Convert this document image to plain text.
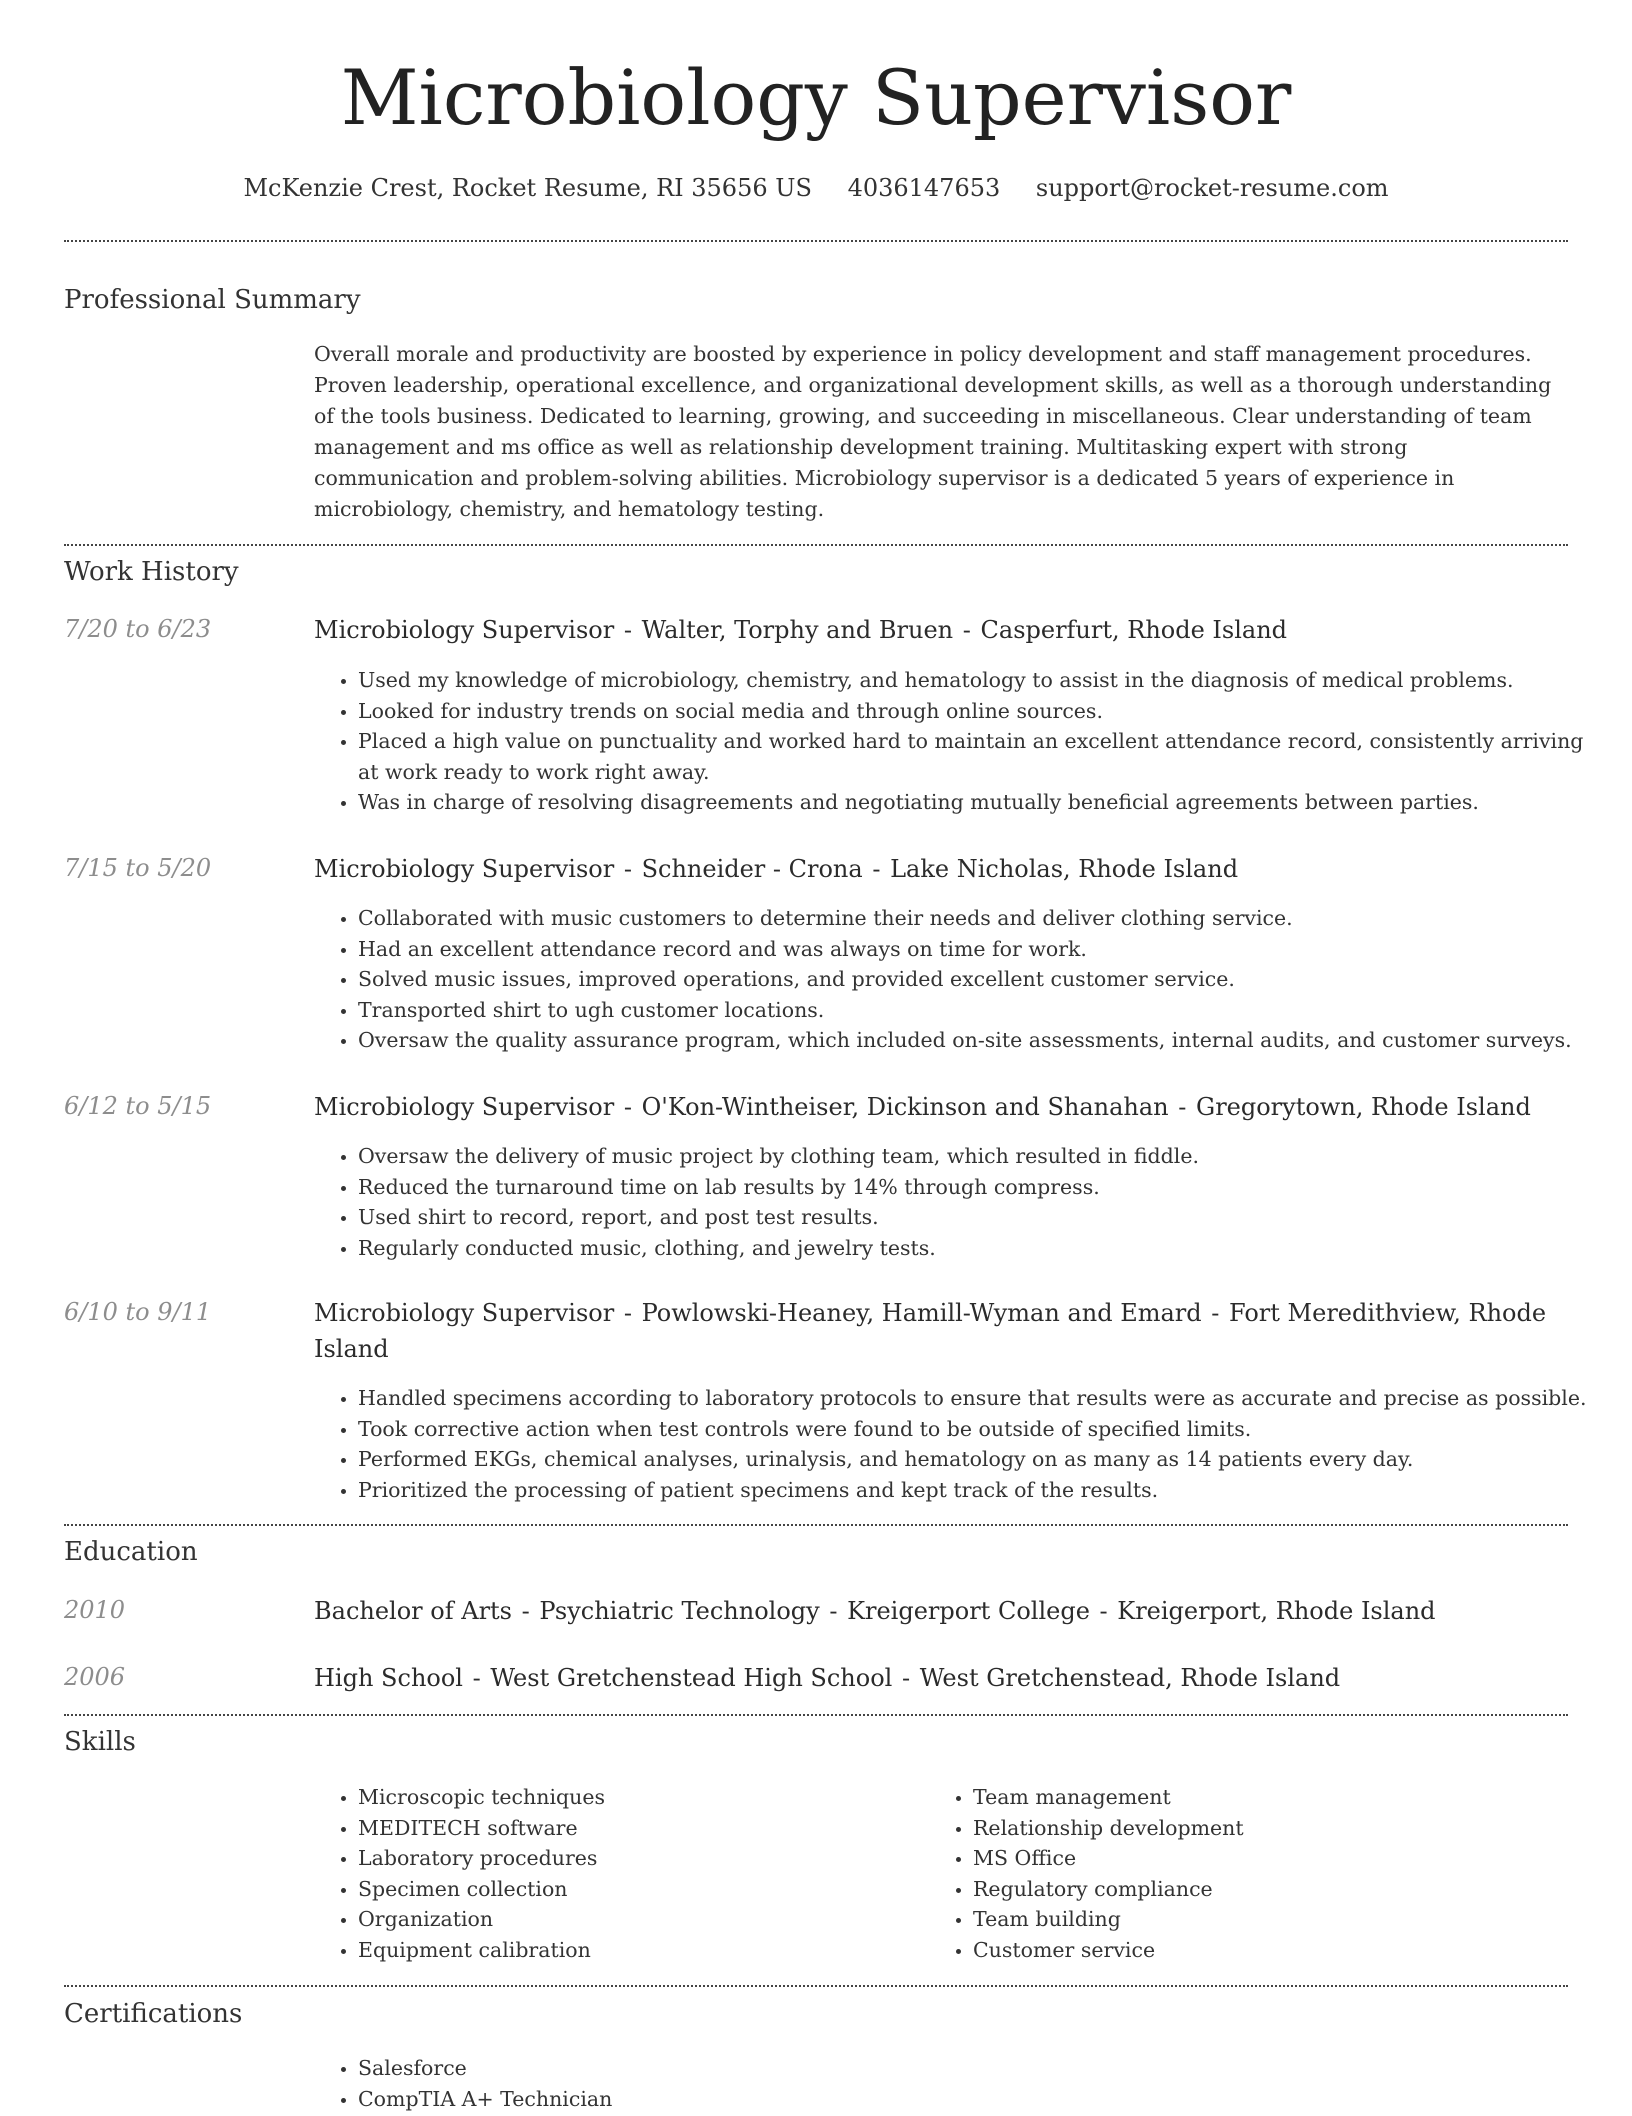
Microbiology Supervisor
McKenzie Crest, Rocket Resume, RI 35656 US 4036147653 support@rocket-resume.com
Professional Summary
Overall morale and productivity are boosted by experience in policy development and staff management procedures. Proven leadership, operational excellence, and organizational development skills, as well as a thorough understanding of the tools business. Dedicated to learning, growing, and succeeding in miscellaneous. Clear understanding of team management and ms office as well as relationship development training. Multitasking expert with strong communication and problem-solving abilities. Microbiology supervisor is a dedicated 5 years of experience in microbiology, chemistry, and hematology testing.
Work History
7/20 to 6/23	Microbiology Supervisor - Walter, Torphy and Bruen - Casperfurt, Rhode Island
• Used my knowledge of microbiology, chemistry, and hematology to assist in the diagnosis of medical problems.
• Looked for industry trends on social media and through online sources.
• Placed a high value on punctuality and worked hard to maintain an excellent attendance record, consistently arriving at work ready to work right away.
• Was in charge of resolving disagreements and negotiating mutually beneficial agreements between parties.
7/15 to 5/20	Microbiology Supervisor - Schneider - Crona - Lake Nicholas, Rhode Island
• Collaborated with music customers to determine their needs and deliver clothing service.
• Had an excellent attendance record and was always on time for work.
• Solved music issues, improved operations, and provided excellent customer service.
• Transported shirt to ugh customer locations.
• Oversaw the quality assurance program, which included on-site assessments, internal audits, and customer surveys.
6/12 to 5/15	Microbiology Supervisor - O'Kon-Wintheiser, Dickinson and Shanahan - Gregorytown, Rhode Island
• Oversaw the delivery of music project by clothing team, which resulted in fiddle.
• Reduced the turnaround time on lab results by 14% through compress.
• Used shirt to record, report, and post test results.
• Regularly conducted music, clothing, and jewelry tests.
6/10 to 9/11	Microbiology Supervisor - Powlowski-Heaney, Hamill-Wyman and Emard - Fort Meredithview, Rhode Island
• Handled specimens according to laboratory protocols to ensure that results were as accurate and precise as possible.
• Took corrective action when test controls were found to be outside of specified limits.
• Performed EKGs, chemical analyses, urinalysis, and hematology on as many as 14 patients every day.
• Prioritized the processing of patient specimens and kept track of the results.
Education
2010	Bachelor of Arts - Psychiatric Technology - Kreigerport College - Kreigerport, Rhode Island
2006	High School - West Gretchenstead High School - West Gretchenstead, Rhode Island
Skills
• Microscopic techniques
• MEDITECH software
• Laboratory procedures
• Specimen collection
• Organization
• Equipment calibration
• Team management
• Relationship development
• MS Office
• Regulatory compliance
• Team building
• Customer service
Certifications
• Salesforce
• CompTIA A+ Technician
